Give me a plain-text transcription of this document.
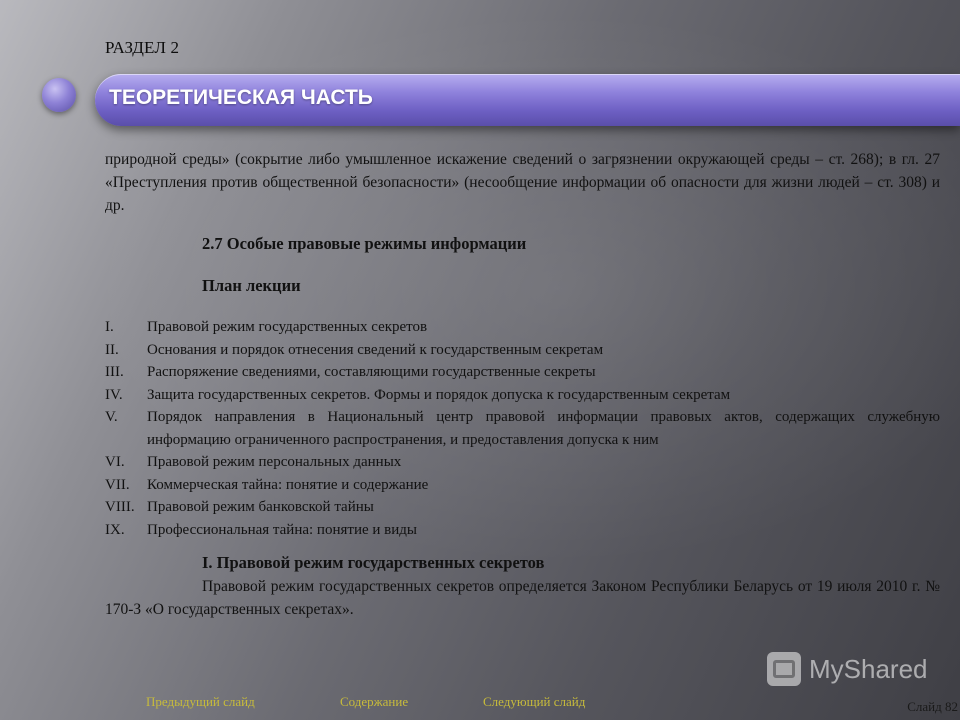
РАЗДЕЛ 2
ТЕОРЕТИЧЕСКАЯ ЧАСТЬ

природной среды» (сокрытие либо умышленное искажение сведений о загрязнении окружающей среды – ст. 268); в гл. 27 «Преступления против общественной безопасности» (несообщение информации об опасности для жизни людей – ст. 308) и др.

2.7 Особые правовые режимы информации

План лекции

I.	Правовой режим государственных секретов
II.	Основания и порядок отнесения сведений к государственным секретам
III.	Распоряжение сведениями, составляющими государственные секреты
IV.	Защита государственных секретов. Формы и порядок допуска к государственным секретам
V.	Порядок направления в Национальный центр правовой информации правовых актов, содержащих служебную информацию ограниченного распространения, и предоставления допуска к ним
VI.	Правовой режим персональных данных
VII.	Коммерческая тайна: понятие и содержание
VIII. Правовой режим банковской тайны
IX.	Профессиональная тайна: понятие и виды

I. Правовой режим государственных секретов

Правовой режим государственных секретов определяется Законом Республики Беларусь от 19 июля 2010 г. № 170-З «О государственных секретах».

MyShared
Предыдущий слайд	Содержание	Следующий слайд	Слайд 82
